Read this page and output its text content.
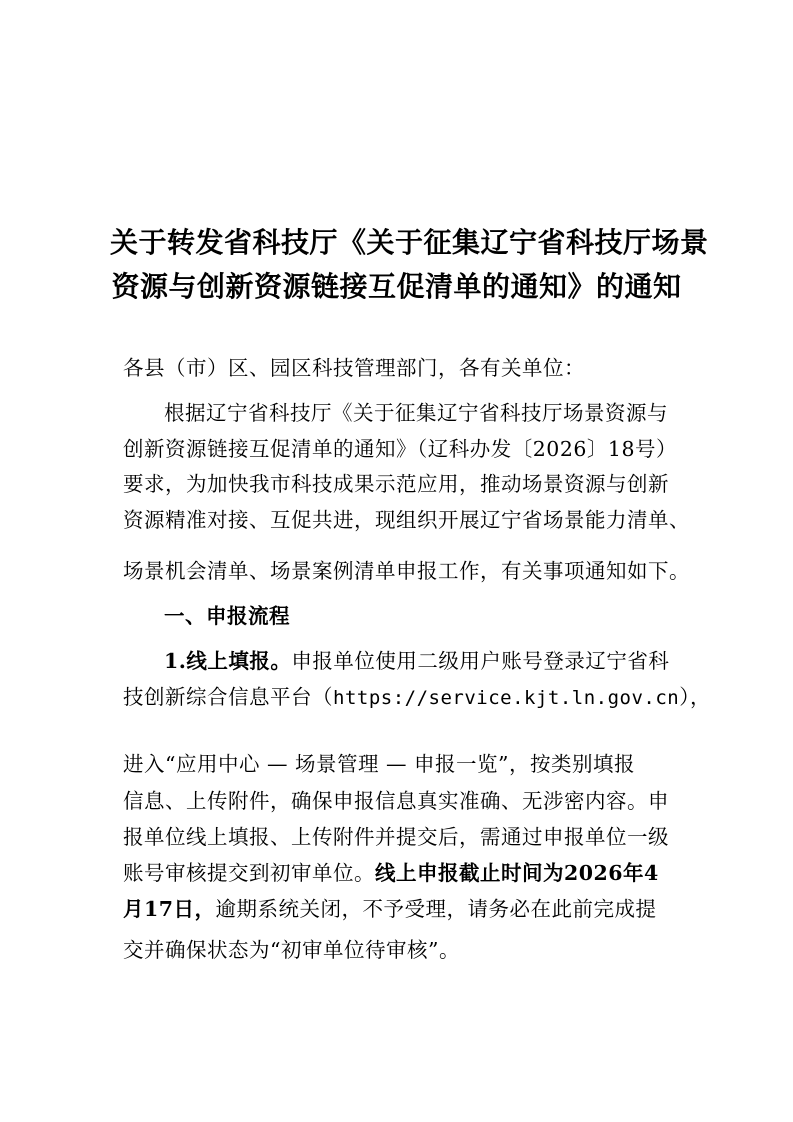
关于转发省科技厅《关于征集辽宁省科技厅场景
资源与创新资源链接互促清单的通知》的通知
各县（市）区、园区科技管理部门，各有关单位：
根据辽宁省科技厅《关于征集辽宁省科技厅场景资源与
创新资源链接互促清单的通知》（辽科办发〔2026〕18号）
要求，为加快我市科技成果示范应用，推动场景资源与创新
资源精准对接、互促共进，现组织开展辽宁省场景能力清单、
场景机会清单、场景案例清单申报工作，有关事项通知如下。
一、申报流程
1.线上填报。申报单位使用二级用户账号登录辽宁省科
技创新综合信息平台（https://service.kjt.ln.gov.cn），
进入“应用中心 — 场景管理 — 申报一览”，按类别填报
信息、上传附件，确保申报信息真实准确、无涉密内容。申
报单位线上填报、上传附件并提交后，需通过申报单位一级
账号审核提交到初审单位。线上申报截止时间为2026年4
月17日，逾期系统关闭，不予受理，请务必在此前完成提
交并确保状态为“初审单位待审核”。
